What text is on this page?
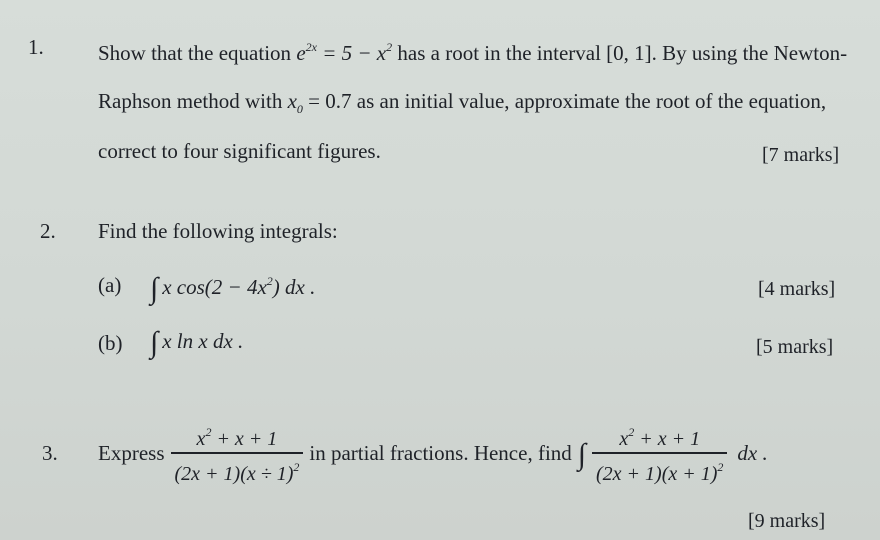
1.	Show that the equation $e^{2x} = 5 - x^2$ has a root in the interval [0, 1]. By using the Newton-
Raphson method with $x_0 = 0.7$ as an initial value, approximate the root of the equation,
correct to four significant figures.	[7 marks]
2. Find the following integrals:
(a) ∫ x $\cos(2 - 4x^2)$ dx .	[4 marks]
(b) ∫ x ln x dx .	[5 marks]
3. Express $\frac{x^2 + x + 1}{(2x + 1)(x \div 1)^2}$ in partial fractions. Hence, find ∫ $\frac{x^2 + x + 1}{(2x + 1)(x + 1)^2}$ dx .
[9 marks]
